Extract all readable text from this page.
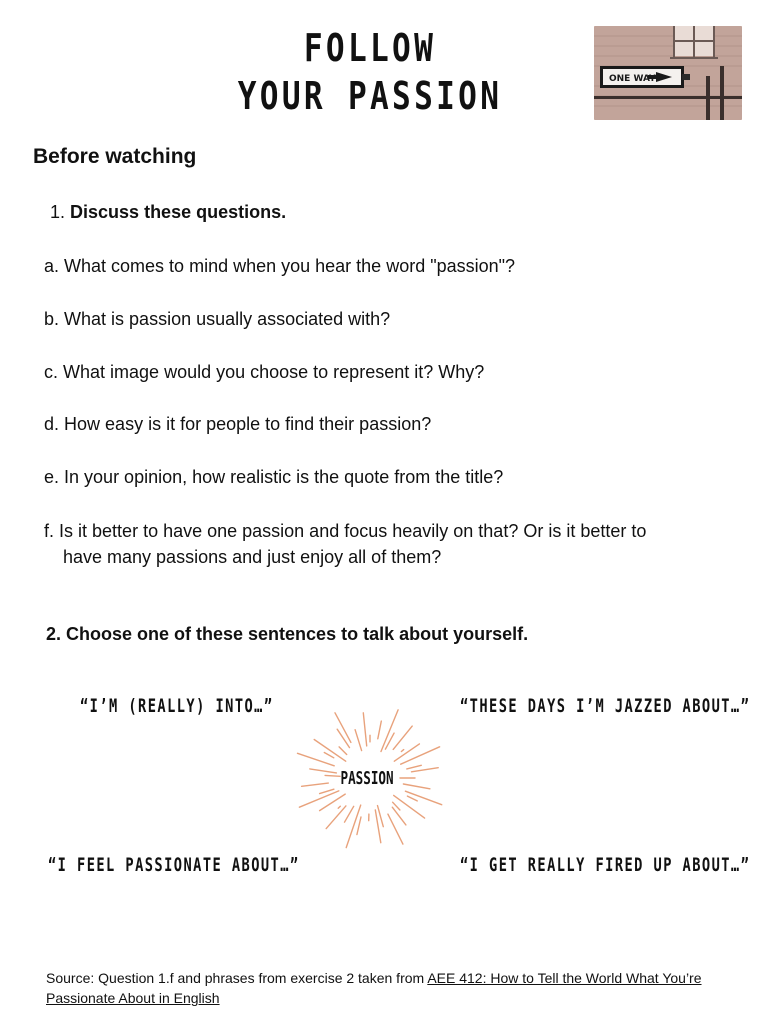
FOLLOW
YOUR PASSION	ONE WAY
Before watching
1. Discuss these questions.
a. What comes to mind when you hear the word "passion"?
b. What is passion usually associated with?
c. What image would you choose to represent it? Why?
d. How easy is it for people to find their passion?
e. In your opinion, how realistic is the quote from the title?
f. Is it better to have one passion and focus heavily on that? Or is it better to
have many passions and just enjoy all of them?
2. Choose one of these sentences to talk about yourself.
“I’M (REALLY) INTO…”	“THESE DAYS I’M JAZZED ABOUT…”
“I FEEL PASSIONATE ABOUT…”	“I GET REALLY FIRED UP ABOUT…”
PASSION
Source: Question 1.f and phrases from exercise 2 taken from AEE 412: How to Tell the World What You’re Passionate About in English
